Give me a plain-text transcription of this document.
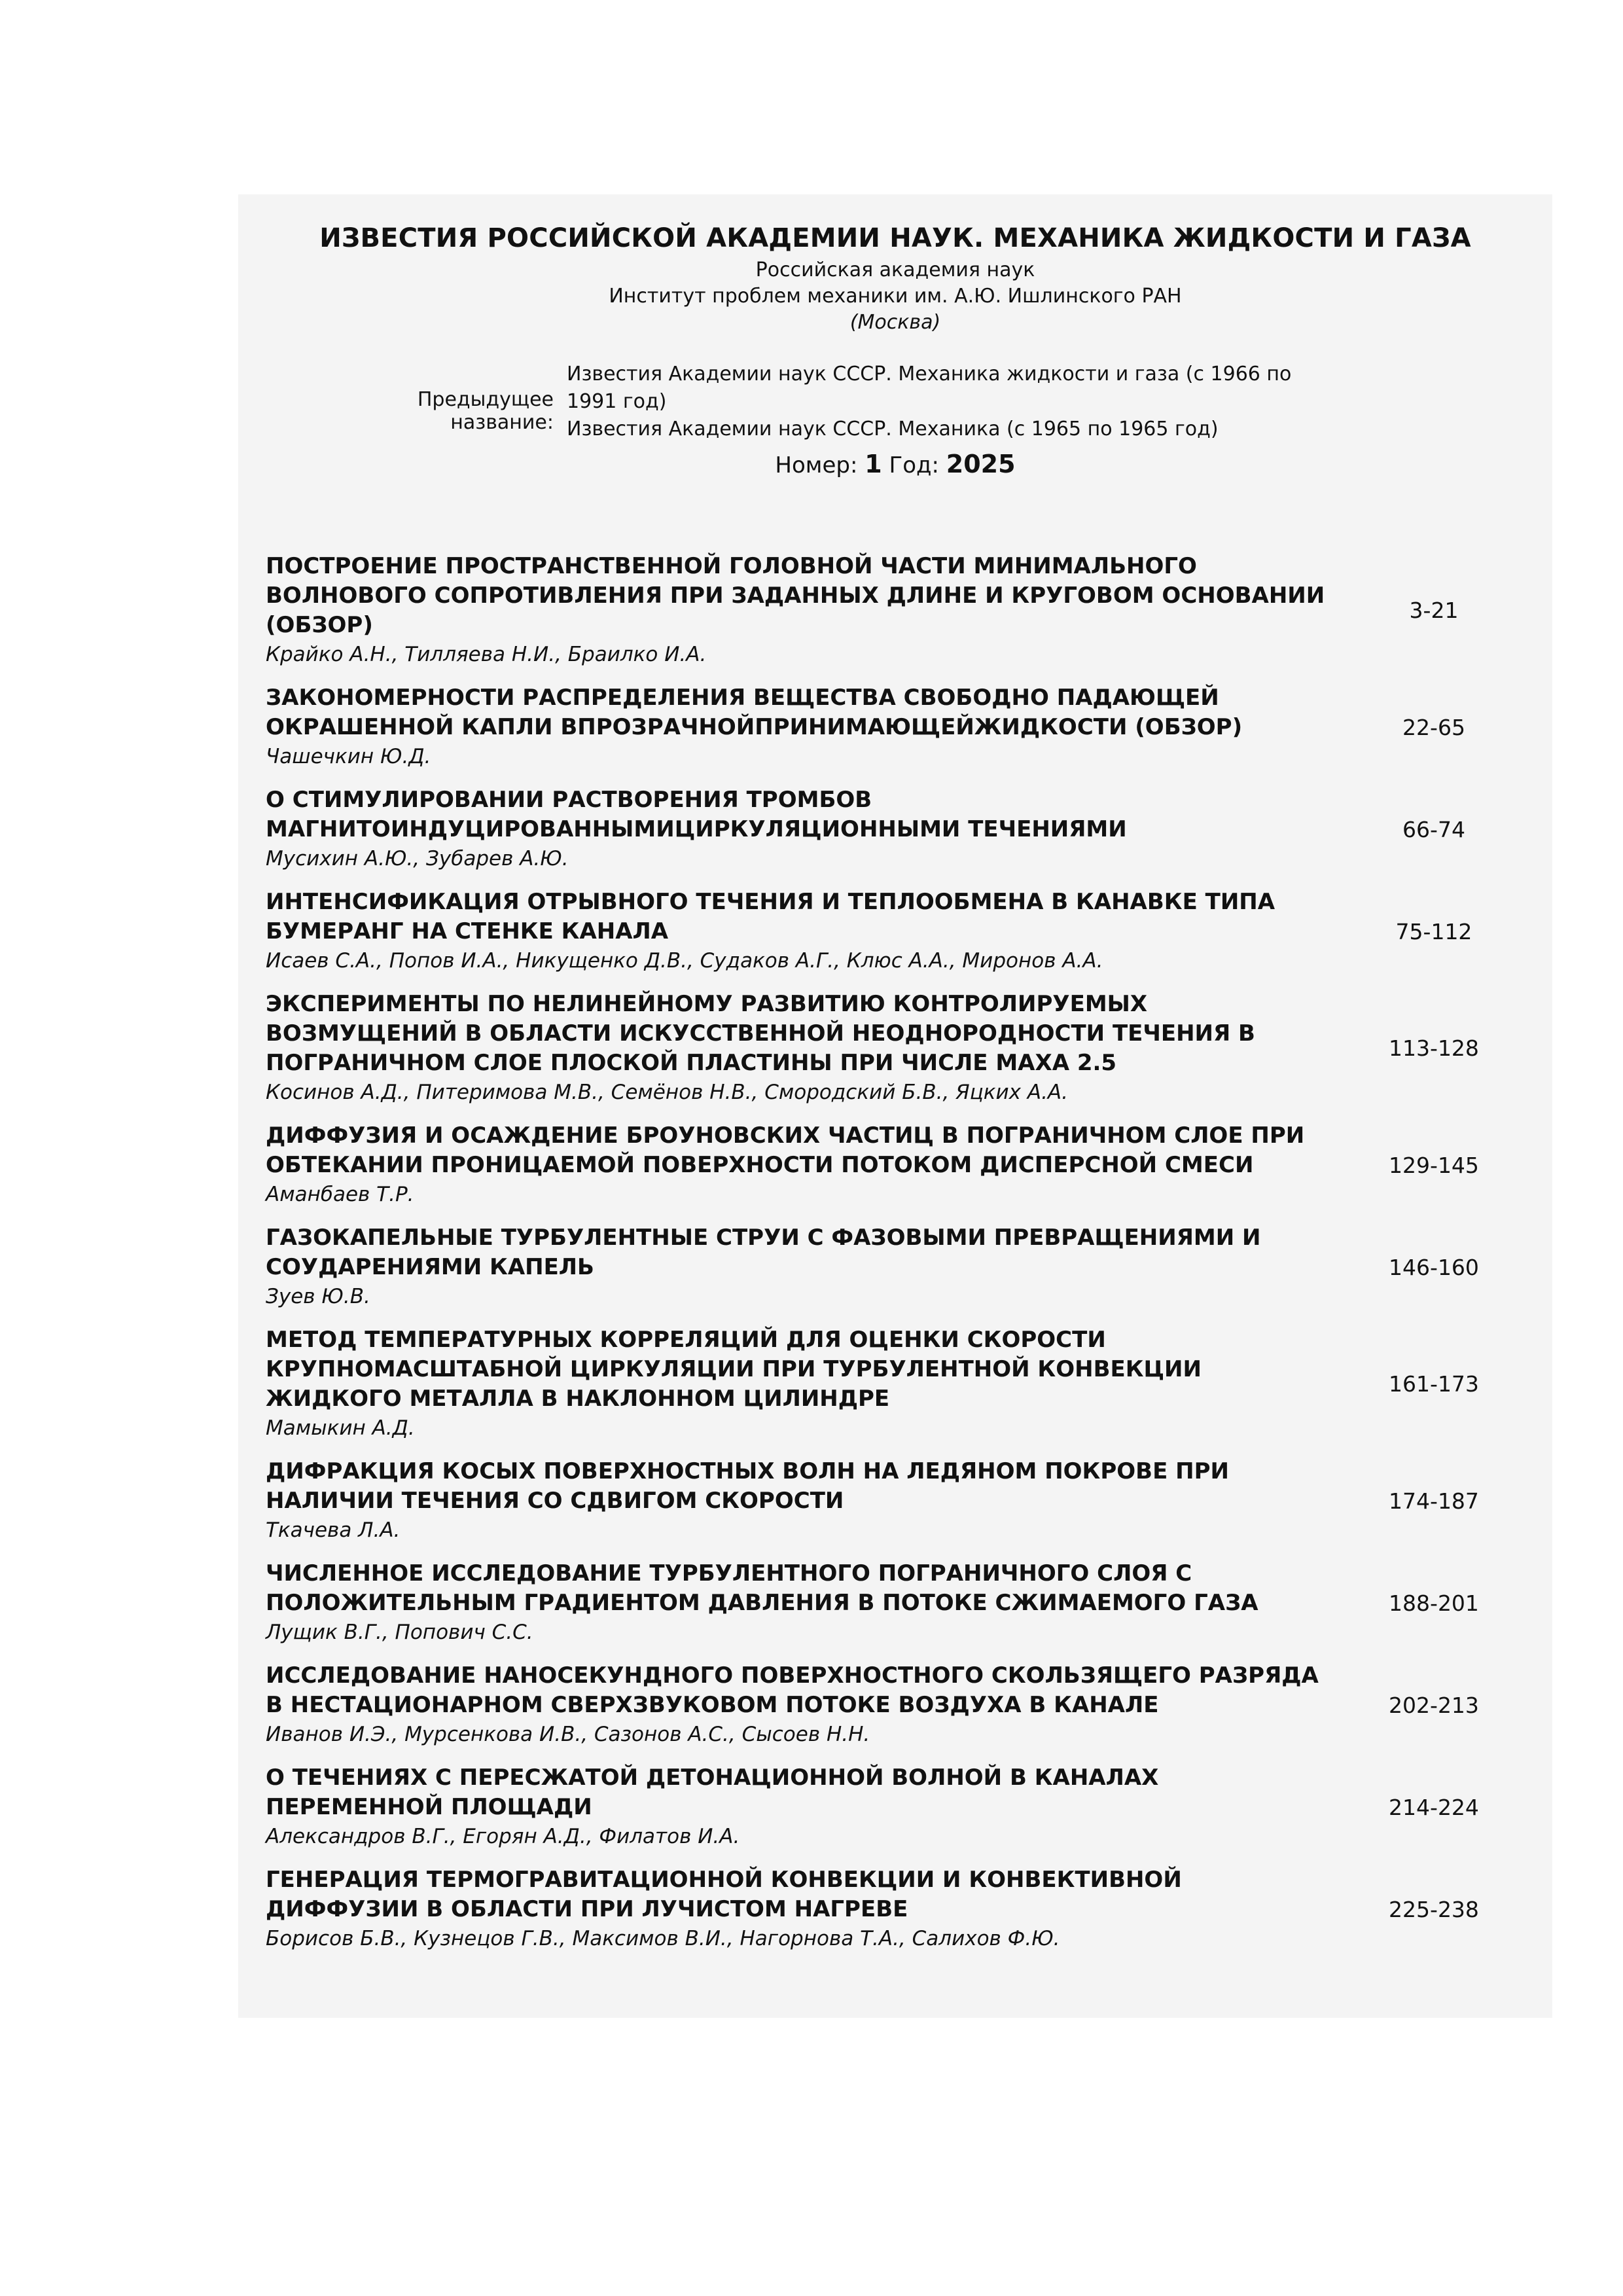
ИЗВЕСТИЯ РОССИЙСКОЙ АКАДЕМИИ НАУК. МЕХАНИКА ЖИДКОСТИ И ГАЗА
Российская академия наук
Институт проблем механики им. А.Ю. Ишлинского РАН
(Москва)
Предыдущее название:

Известия Академии наук СССР. Механика жидкости и газа (с 1966 по 1991 год)

Известия Академии наук СССР. Механика (с 1965 по 1965 год)

Номер: 1 Год: 2025
ПОСТРОЕНИЕ ПРОСТРАНСТВЕННОЙ ГОЛОВНОЙ ЧАСТИ МИНИМАЛЬНОГО ВОЛНОВОГО СОПРОТИВЛЕНИЯ ПРИ ЗАДАННЫХ ДЛИНЕ И КРУГОВОМ ОСНОВАНИИ (ОБЗОР)
Крайко А.Н., Тилляева Н.И., Браилко И.А.
3-21
ЗАКОНОМЕРНОСТИ РАСПРЕДЕЛЕНИЯ ВЕЩЕСТВА СВОБОДНО ПАДАЮЩЕЙ ОКРАШЕННОЙ КАПЛИ ВПРОЗРАЧНОЙПРИНИМАЮЩЕЙЖИДКОСТИ (ОБЗОР)
Чашечкин Ю.Д.
22-65
О СТИМУЛИРОВАНИИ РАСТВОРЕНИЯ ТРОМБОВ МАГНИТОИНДУЦИРОВАННЫМИЦИРКУЛЯЦИОННЫМИ ТЕЧЕНИЯМИ
Мусихин А.Ю., Зубарев А.Ю.
66-74
ИНТЕНСИФИКАЦИЯ ОТРЫВНОГО ТЕЧЕНИЯ И ТЕПЛООБМЕНА В КАНАВКЕ ТИПА БУМЕРАНГ НА СТЕНКЕ КАНАЛА
Исаев С.А., Попов И.А., Никущенко Д.В., Судаков А.Г., Клюс А.А., Миронов А.А.
75-112
ЭКСПЕРИМЕНТЫ ПО НЕЛИНЕЙНОМУ РАЗВИТИЮ КОНТРОЛИРУЕМЫХ ВОЗМУЩЕНИЙ В ОБЛАСТИ ИСКУССТВЕННОЙ НЕОДНОРОДНОСТИ ТЕЧЕНИЯ В ПОГРАНИЧНОМ СЛОЕ ПЛОСКОЙ ПЛАСТИНЫ ПРИ ЧИСЛЕ МАХА 2.5
Косинов А.Д., Питеримова М.В., Семёнов Н.В., Смородский Б.В., Яцких А.А.
113-128
ДИФФУЗИЯ И ОСАЖДЕНИЕ БРОУНОВСКИХ ЧАСТИЦ В ПОГРАНИЧНОМ СЛОЕ ПРИ ОБТЕКАНИИ ПРОНИЦАЕМОЙ ПОВЕРХНОСТИ ПОТОКОМ ДИСПЕРСНОЙ СМЕСИ
Аманбаев Т.Р.
129-145
ГАЗОКАПЕЛЬНЫЕ ТУРБУЛЕНТНЫЕ СТРУИ С ФАЗОВЫМИ ПРЕВРАЩЕНИЯМИ И СОУДАРЕНИЯМИ КАПЕЛЬ
Зуев Ю.В.
146-160
МЕТОД ТЕМПЕРАТУРНЫХ КОРРЕЛЯЦИЙ ДЛЯ ОЦЕНКИ СКОРОСТИ КРУПНОМАСШТАБНОЙ ЦИРКУЛЯЦИИ ПРИ ТУРБУЛЕНТНОЙ КОНВЕКЦИИ ЖИДКОГО МЕТАЛЛА В НАКЛОННОМ ЦИЛИНДРЕ
Мамыкин А.Д.
161-173
ДИФРАКЦИЯ КОСЫХ ПОВЕРХНОСТНЫХ ВОЛН НА ЛЕДЯНОМ ПОКРОВЕ ПРИ НАЛИЧИИ ТЕЧЕНИЯ СО СДВИГОМ СКОРОСТИ
Ткачева Л.А.
174-187
ЧИСЛЕННОЕ ИССЛЕДОВАНИЕ ТУРБУЛЕНТНОГО ПОГРАНИЧНОГО СЛОЯ С ПОЛОЖИТЕЛЬНЫМ ГРАДИЕНТОМ ДАВЛЕНИЯ В ПОТОКЕ СЖИМАЕМОГО ГАЗА
Лущик В.Г., Попович С.С.
188-201
ИССЛЕДОВАНИЕ НАНОСЕКУНДНОГО ПОВЕРХНОСТНОГО СКОЛЬЗЯЩЕГО РАЗРЯДА В НЕСТАЦИОНАРНОМ СВЕРХЗВУКОВОМ ПОТОКЕ ВОЗДУХА В КАНАЛЕ
Иванов И.Э., Мурсенкова И.В., Сазонов А.С., Сысоев Н.Н.
202-213
О ТЕЧЕНИЯХ С ПЕРЕСЖАТОЙ ДЕТОНАЦИОННОЙ ВОЛНОЙ В КАНАЛАХ ПЕРЕМЕННОЙ ПЛОЩАДИ
Александров В.Г., Егорян А.Д., Филатов И.А.
214-224
ГЕНЕРАЦИЯ ТЕРМОГРАВИТАЦИОННОЙ КОНВЕКЦИИ И КОНВЕКТИВНОЙ ДИФФУЗИИ В ОБЛАСТИ ПРИ ЛУЧИСТОМ НАГРЕВЕ
Борисов Б.В., Кузнецов Г.В., Максимов В.И., Нагорнова Т.А., Салихов Ф.Ю.
225-238
